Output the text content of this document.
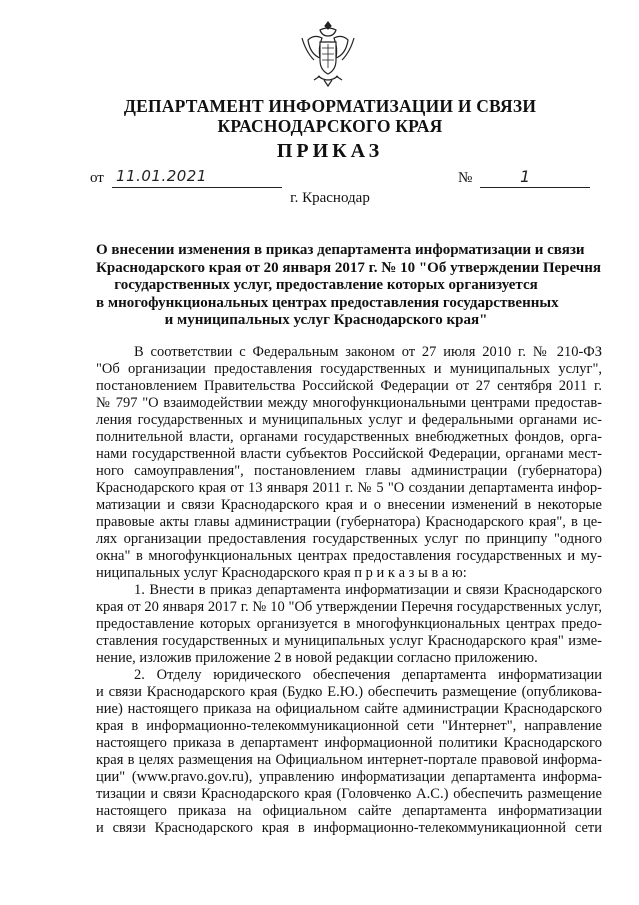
ДЕПАРТАМЕНТ ИНФОРМАТИЗАЦИИ И СВЯЗИ
КРАСНОДАРСКОГО КРАЯ
ПРИКАЗ
от 11.01.2021	№	1
г. Краснодар
О внесении изменения в приказ департамента информатизации и связи
Краснодарского края от 20 января 2017 г. № 10 "Об утверждении Перечня
государственных услуг, предоставление которых организуется
в многофункциональных центрах предоставления государственных
и муниципальных услуг Краснодарского края"
В соответствии с Федеральным законом от 27 июля 2010 г. № 210-ФЗ
"Об организации предоставления государственных и муниципальных услуг",
постановлением Правительства Российской Федерации от 27 сентября 2011 г.
№ 797 "О взаимодействии между многофункциональными центрами предостав-
ления государственных и муниципальных услуг и федеральными органами ис-
полнительной власти, органами государственных внебюджетных фондов, орга-
нами государственной власти субъектов Российской Федерации, органами мест-
ного самоуправления", постановлением главы администрации (губернатора)
Краснодарского края от 13 января 2011 г. № 5 "О создании департамента инфор-
матизации и связи Краснодарского края и о внесении изменений в некоторые
правовые акты главы администрации (губернатора) Краснодарского края", в це-
лях организации предоставления государственных услуг по принципу "одного
окна" в многофункциональных центрах предоставления государственных и му-
ниципальных услуг Краснодарского края п р и к а з ы в а ю:
1. Внести в приказ департамента информатизации и связи Краснодарского
края от 20 января 2017 г. № 10 "Об утверждении Перечня государственных услуг,
предоставление которых организуется в многофункциональных центрах предо-
ставления государственных и муниципальных услуг Краснодарского края" изме-
нение, изложив приложение 2 в новой редакции согласно приложению.
2. Отделу юридического обеспечения департамента информатизации
и связи Краснодарского края (Будко Е.Ю.) обеспечить размещение (опубликова-
ние) настоящего приказа на официальном сайте администрации Краснодарского
края в информационно-телекоммуникационной сети "Интернет", направление
настоящего приказа в департамент информационной политики Краснодарского
края в целях размещения на Официальном интернет-портале правовой информа-
ции" (www.pravo.gov.ru), управлению информатизации департамента информа-
тизации и связи Краснодарского края (Головченко А.С.) обеспечить размещение
настоящего приказа на официальном сайте департамента информатизации
и связи Краснодарского края в информационно-телекоммуникационной сети
